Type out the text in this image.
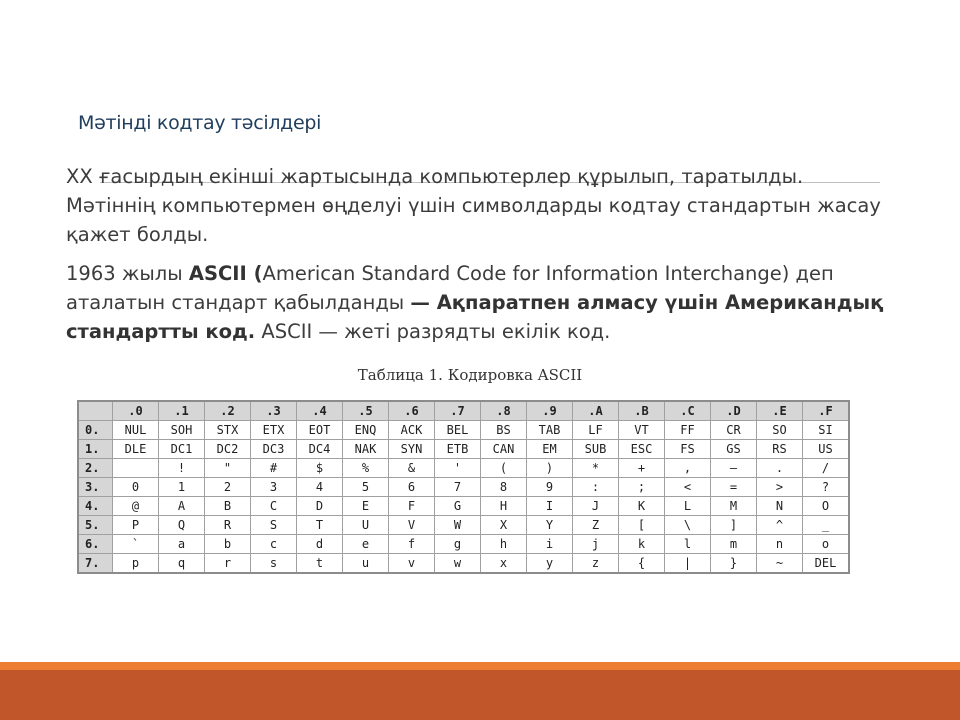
Мәтінді кодтау тәсілдері

XX ғасырдың екінші жартысында компьютерлер құрылып, таратылды. Мәтіннің компьютермен өңделуі үшін символдарды кодтау стандартын жасау қажет болды.

1963 жылы ASCII (American Standard Code for Information Interchange) деп аталатын стандарт қабылданды — Ақпаратпен алмасу үшін Американдық стандартты код. ASCII — жеті разрядты екілік код.

Таблица 1. Кодировка ASCII
	.0	.1	.2	.3	.4	.5	.6	.7	.8	.9	.A	.B	.C	.D	.E	.F
0.	NUL	SOH	STX	ETX	EOT	ENQ	ACK	BEL	BS	TAB	LF	VT	FF	CR	SO	SI
1.	DLE	DC1	DC2	DC3	DC4	NAK	SYN	ETB	CAN	EM	SUB	ESC	FS	GS	RS	US
2.		!	"	#	$	%	&	'	(	)	*	+	,	—	.	/
3.	0	1	2	3	4	5	6	7	8	9	:	;	<	=	>	?
4.	@	A	B	C	D	E	F	G	H	I	J	K	L	M	N	O
5.	P	Q	R	S	T	U	V	W	X	Y	Z	[	\	]	^	_
6.	`	a	b	c	d	e	f	g	h	i	j	k	l	m	n	o
7.	p	q	r	s	t	u	v	w	x	y	z	{	|	}	~	DEL
